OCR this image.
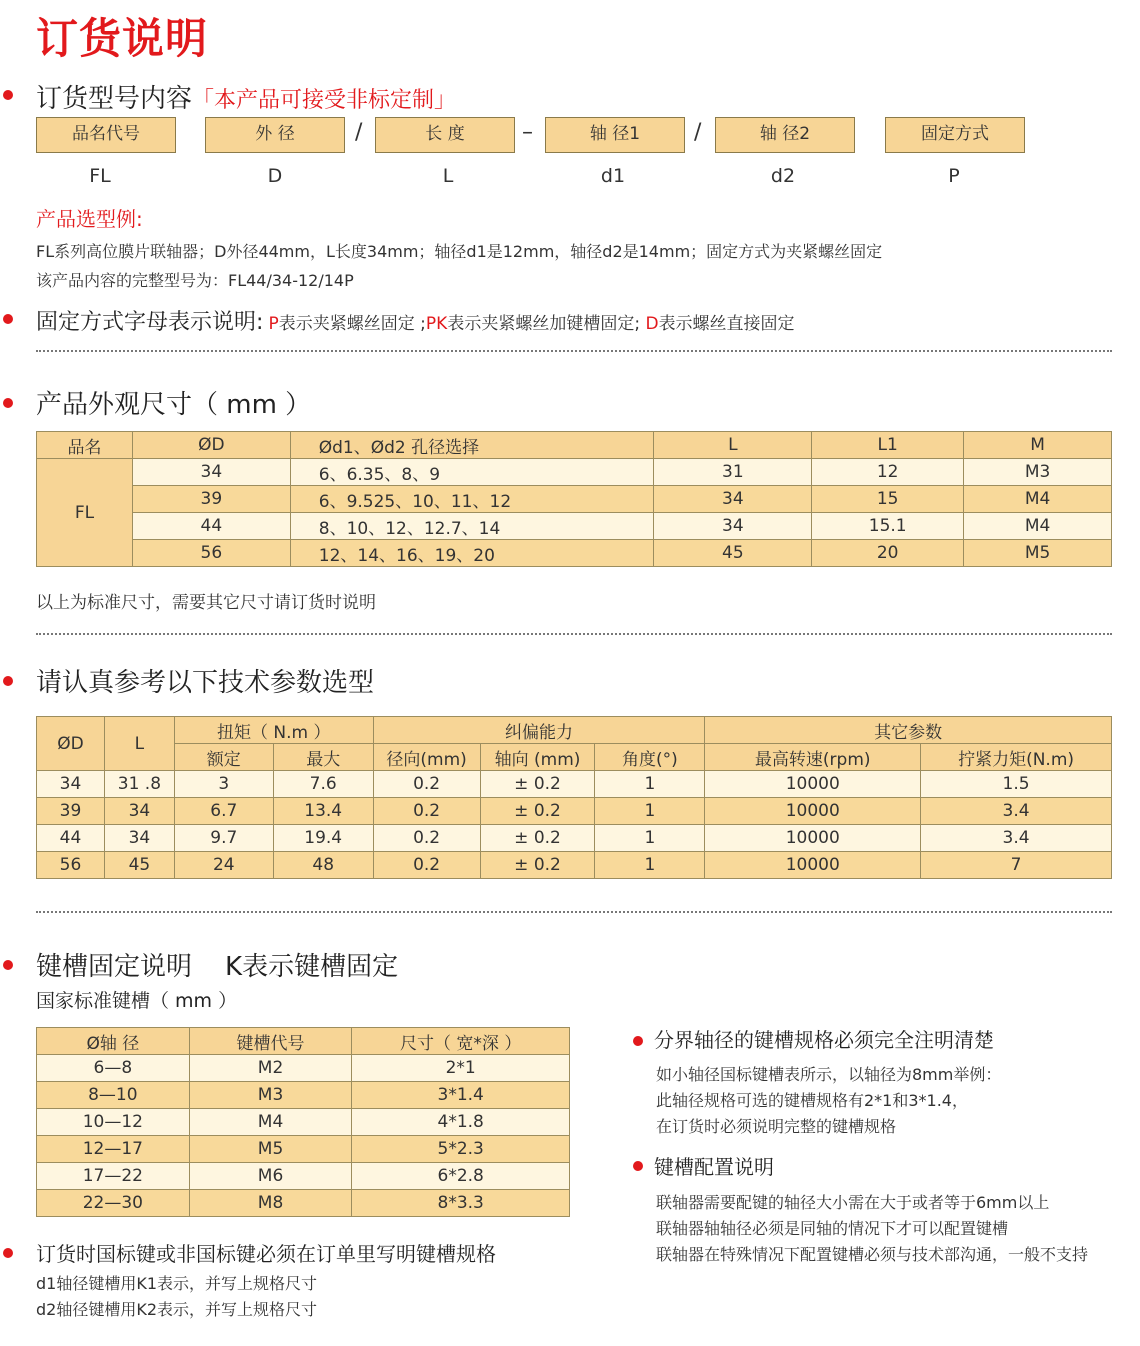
订货说明
订货型号内容「本产品可接受非标定制」
品名代号	外 径	/	长 度	–	轴 径1	/	轴 径2	固定方式
FL	D	L	d1	d2	P
产品选型例:
FL系列高位膜片联轴器；D外径44mm，L长度34mm；轴径d1是12mm，轴径d2是14mm；固定方式为夹紧螺丝固定
该产品内容的完整型号为：FL44/34-12/14P
固定方式字母表示说明: P表示夹紧螺丝固定 ;PK表示夹紧螺丝加键槽固定; D表示螺丝直接固定
产品外观尺寸（ mm ）
品名	ØD	Ød1、Ød2 孔径选择	L	L1	M
FL	34	6、6.35、8、9	31	12	M3
	39	6、9.525、10、11、12	34	15	M4
	44	8、10、12、12.7、14	34	15.1	M4
	56	12、14、16、19、20	45	20	M5
以上为标准尺寸，需要其它尺寸请订货时说明
请认真参考以下技术参数选型
ØD	L	扭矩（ N.m ）		纠偏能力			其它参数	
		额定	最大	径向(mm)	轴向 (mm)	角度(°)	最高转速(rpm)	拧紧力矩(N.m)
34	31 .8	3	7.6	0.2	± 0.2	1	10000	1.5
39	34	6.7	13.4	0.2	± 0.2	1	10000	3.4
44	34	9.7	19.4	0.2	± 0.2	1	10000	3.4
56	45	24	48	0.2	± 0.2	1	10000	7
键槽固定说明    K表示键槽固定
国家标准键槽（ mm ）
Ø轴 径	键槽代号	尺寸（ 宽*深 ）
6—8	M2	2*1
8—10	M3	3*1.4
10—12	M4	4*1.8
12—17	M5	5*2.3
17—22	M6	6*2.8
22—30	M8	8*3.3
订货时国标键或非国标键必须在订单里写明键槽规格
d1轴径键槽用K1表示，并写上规格尺寸
d2轴径键槽用K2表示，并写上规格尺寸
分界轴径的键槽规格必须完全注明清楚
如小轴径国标键槽表所示，以轴径为8mm举例：
此轴径规格可选的键槽规格有2*1和3*1.4，
在订货时必须说明完整的键槽规格
键槽配置说明
联轴器需要配键的轴径大小需在大于或者等于6mm以上
联轴器轴轴径必须是同轴的情况下才可以配置键槽
联轴器在特殊情况下配置键槽必须与技术部沟通，一般不支持
